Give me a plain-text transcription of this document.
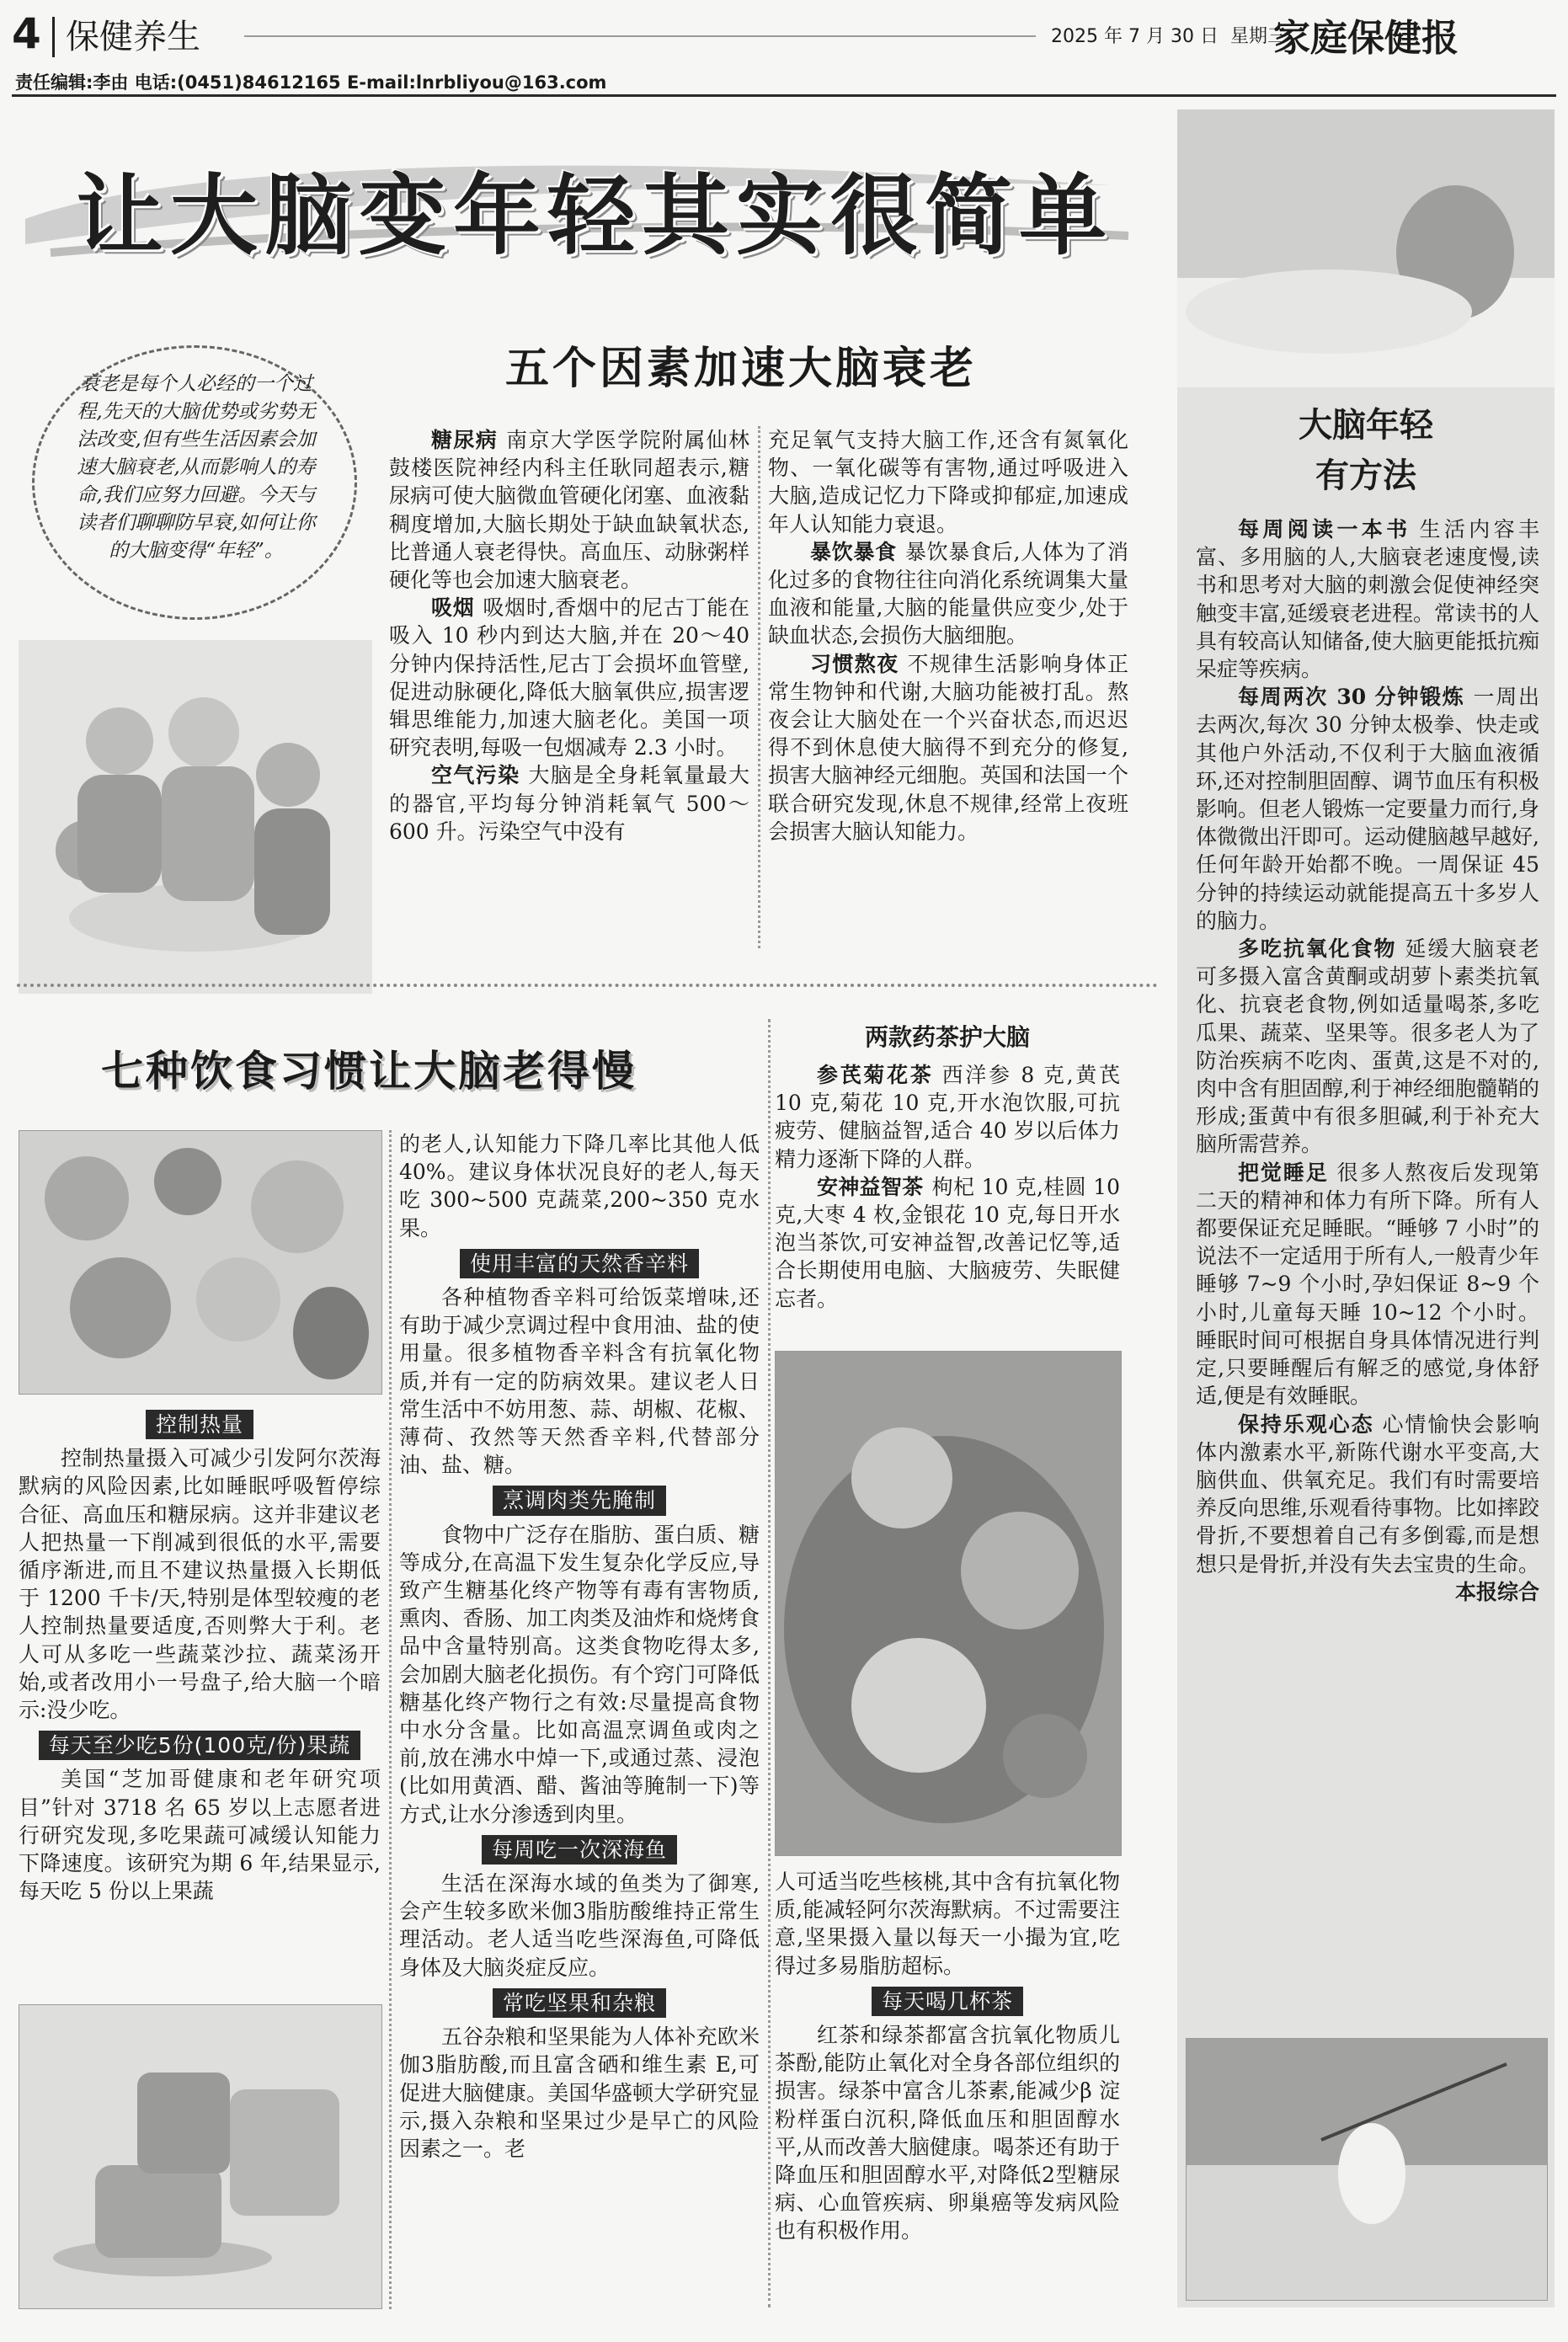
4 保健养生	2025 年 7 月 30 日 星期三
家庭保健报
责任编辑:李由 电话:(0451)84612165 E-mail:lnrbliyou@163.com
让大脑变年轻其实很简单
衰老是每个人必经的一个过程,先天的大脑优势或劣势无法改变,但有些生活因素会加速大脑衰老,从而影响人的寿命,我们应努力回避。今天与读者们聊聊防早衰,如何让你的大脑变得“年轻”。
五个因素加速大脑衰老

糖尿病 南京大学医学院附属仙林鼓楼医院神经内科主任耿同超表示,糖尿病可使大脑微血管硬化闭塞、血液黏稠度增加,大脑长期处于缺血缺氧状态,比普通人衰老得快。高血压、动脉粥样硬化等也会加速大脑衰老。

吸烟 吸烟时,香烟中的尼古丁能在吸入 10 秒内到达大脑,并在 20～40 分钟内保持活性,尼古丁会损坏血管壁,促进动脉硬化,降低大脑氧供应,损害逻辑思维能力,加速大脑老化。美国一项研究表明,每吸一包烟减寿 2.3 小时。

空气污染 大脑是全身耗氧量最大的器官,平均每分钟消耗氧气 500～600 升。污染空气中没有

充足氧气支持大脑工作,还含有氮氧化物、一氧化碳等有害物,通过呼吸进入大脑,造成记忆力下降或抑郁症,加速成年人认知能力衰退。

暴饮暴食 暴饮暴食后,人体为了消化过多的食物往往向消化系统调集大量血液和能量,大脑的能量供应变少,处于缺血状态,会损伤大脑细胞。

习惯熬夜 不规律生活影响身体正常生物钟和代谢,大脑功能被打乱。熬夜会让大脑处在一个兴奋状态,而迟迟得不到休息使大脑得不到充分的修复,损害大脑神经元细胞。英国和法国一个联合研究发现,休息不规律,经常上夜班会损害大脑认知能力。

七种饮食习惯让大脑老得慢
控制热量

控制热量摄入可减少引发阿尔茨海默病的风险因素,比如睡眠呼吸暂停综合征、高血压和糖尿病。这并非建议老人把热量一下削减到很低的水平,需要循序渐进,而且不建议热量摄入长期低于 1200 千卡/天,特别是体型较瘦的老人控制热量要适度,否则弊大于利。老人可从多吃一些蔬菜沙拉、蔬菜汤开始,或者改用小一号盘子,给大脑一个暗示:没少吃。

每天至少吃5份(100克/份)果蔬

美国“芝加哥健康和老年研究项目”针对 3718 名 65 岁以上志愿者进行研究发现,多吃果蔬可减缓认知能力下降速度。该研究为期 6 年,结果显示,每天吃 5 份以上果蔬

的老人,认知能力下降几率比其他人低 40%。建议身体状况良好的老人,每天吃 300~500 克蔬菜,200~350 克水果。

使用丰富的天然香辛料

各种植物香辛料可给饭菜增味,还有助于减少烹调过程中食用油、盐的使用量。很多植物香辛料含有抗氧化物质,并有一定的防病效果。建议老人日常生活中不妨用葱、蒜、胡椒、花椒、薄荷、孜然等天然香辛料,代替部分油、盐、糖。

烹调肉类先腌制

食物中广泛存在脂肪、蛋白质、糖等成分,在高温下发生复杂化学反应,导致产生糖基化终产物等有毒有害物质,熏肉、香肠、加工肉类及油炸和烧烤食品中含量特别高。这类食物吃得太多,会加剧大脑老化损伤。有个窍门可降低糖基化终产物行之有效:尽量提高食物中水分含量。比如高温烹调鱼或肉之前,放在沸水中焯一下,或通过蒸、浸泡(比如用黄酒、醋、酱油等腌制一下)等方式,让水分渗透到肉里。

每周吃一次深海鱼

生活在深海水域的鱼类为了御寒,会产生较多欧米伽3脂肪酸维持正常生理活动。老人适当吃些深海鱼,可降低身体及大脑炎症反应。

常吃坚果和杂粮

五谷杂粮和坚果能为人体补充欧米伽3脂肪酸,而且富含硒和维生素 E,可促进大脑健康。美国华盛顿大学研究显示,摄入杂粮和坚果过少是早亡的风险因素之一。老

两款药茶护大脑

参芪菊花茶 西洋参 8 克,黄芪 10 克,菊花 10 克,开水泡饮服,可抗疲劳、健脑益智,适合 40 岁以后体力精力逐渐下降的人群。

安神益智茶 枸杞 10 克,桂圆 10 克,大枣 4 枚,金银花 10 克,每日开水泡当茶饮,可安神益智,改善记忆等,适合长期使用电脑、大脑疲劳、失眠健忘者。

人可适当吃些核桃,其中含有抗氧化物质,能减轻阿尔茨海默病。不过需要注意,坚果摄入量以每天一小撮为宜,吃得过多易脂肪超标。

每天喝几杯茶

红茶和绿茶都富含抗氧化物质儿茶酚,能防止氧化对全身各部位组织的损害。绿茶中富含儿茶素,能减少β 淀粉样蛋白沉积,降低血压和胆固醇水平,从而改善大脑健康。喝茶还有助于降血压和胆固醇水平,对降低2型糖尿病、心血管疾病、卵巢癌等发病风险也有积极作用。

大脑年轻
有方法

每周阅读一本书 生活内容丰富、多用脑的人,大脑衰老速度慢,读书和思考对大脑的刺激会促使神经突触变丰富,延缓衰老进程。常读书的人具有较高认知储备,使大脑更能抵抗痴呆症等疾病。

每周两次 30 分钟锻炼 一周出去两次,每次 30 分钟太极拳、快走或其他户外活动,不仅利于大脑血液循环,还对控制胆固醇、调节血压有积极影响。但老人锻炼一定要量力而行,身体微微出汗即可。运动健脑越早越好,任何年龄开始都不晚。一周保证 45 分钟的持续运动就能提高五十多岁人的脑力。

多吃抗氧化食物 延缓大脑衰老可多摄入富含黄酮或胡萝卜素类抗氧化、抗衰老食物,例如适量喝茶,多吃瓜果、蔬菜、坚果等。很多老人为了防治疾病不吃肉、蛋黄,这是不对的,肉中含有胆固醇,利于神经细胞髓鞘的形成;蛋黄中有很多胆碱,利于补充大脑所需营养。

把觉睡足 很多人熬夜后发现第二天的精神和体力有所下降。所有人都要保证充足睡眠。“睡够 7 小时”的说法不一定适用于所有人,一般青少年睡够 7~9 个小时,孕妇保证 8~9 个小时,儿童每天睡 10~12 个小时。睡眠时间可根据自身具体情况进行判定,只要睡醒后有解乏的感觉,身体舒适,便是有效睡眠。

保持乐观心态 心情愉快会影响体内激素水平,新陈代谢水平变高,大脑供血、供氧充足。我们有时需要培养反向思维,乐观看待事物。比如摔跤骨折,不要想着自己有多倒霉,而是想想只是骨折,并没有失去宝贵的生命。

本报综合
